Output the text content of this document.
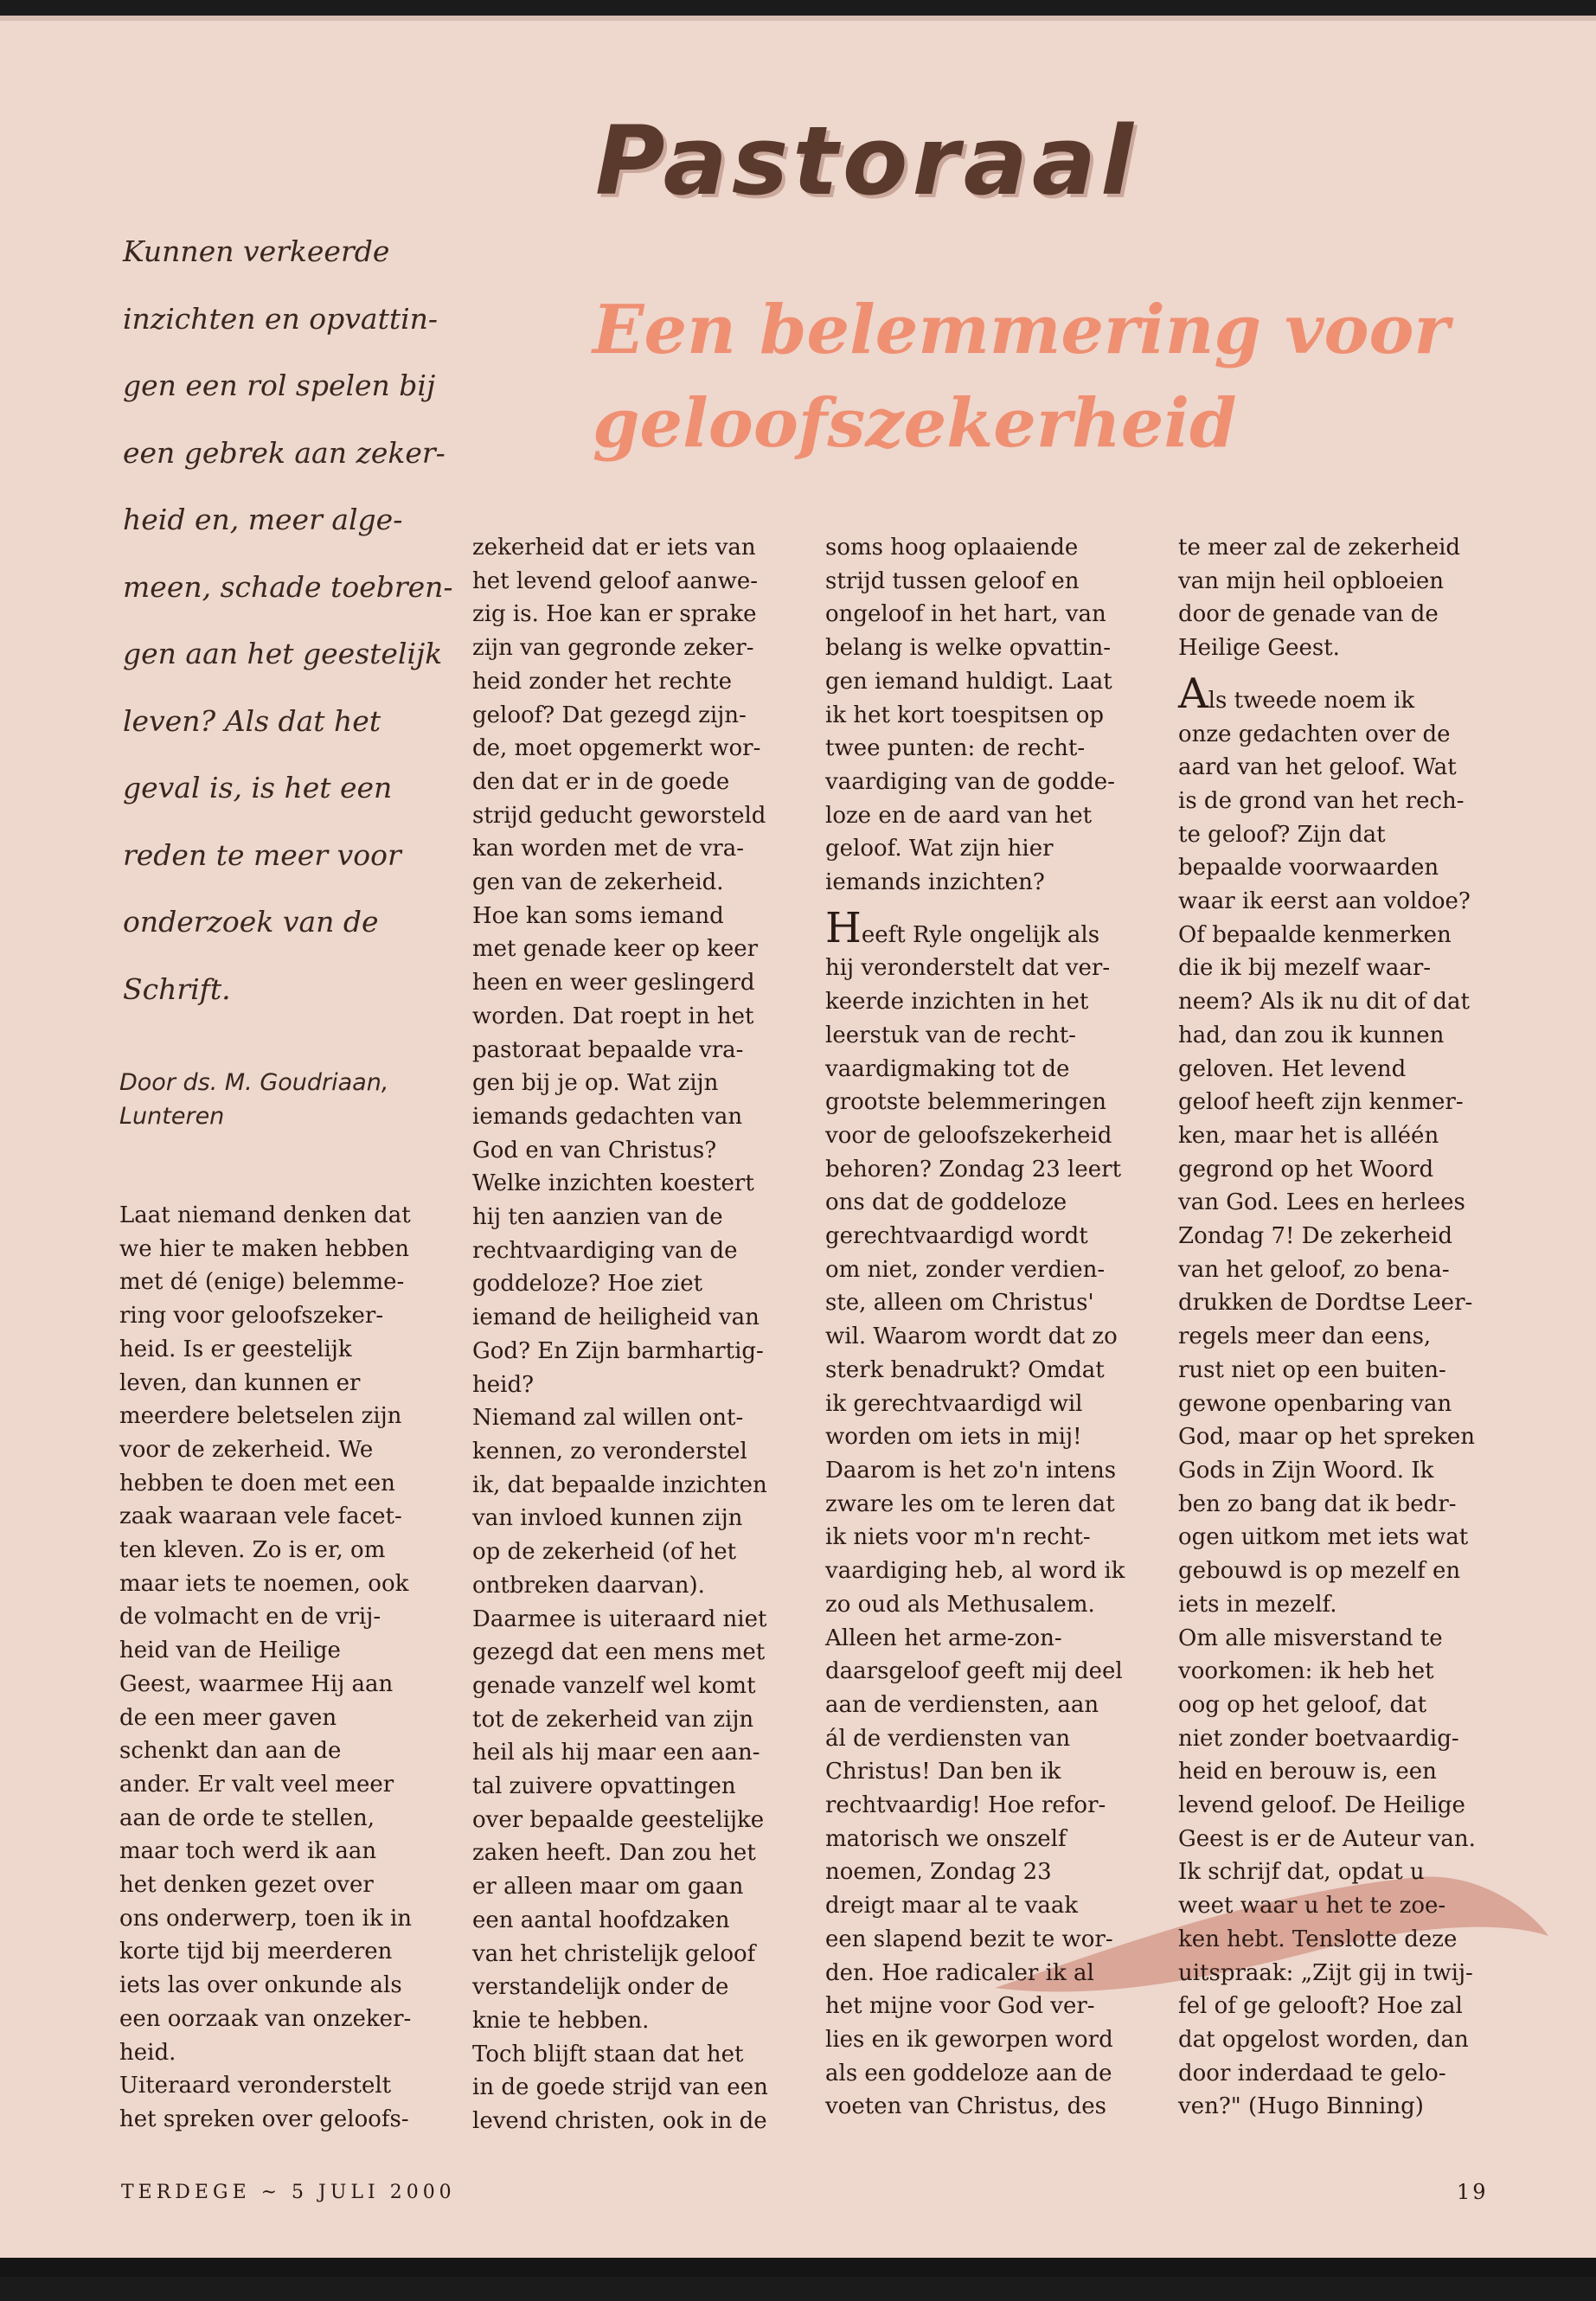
Pastoraal
Een belemmering voor
geloofszekerheid
Kunnen verkeerde
inzichten en opvattin-
gen een rol spelen bij
een gebrek aan zeker-
heid en, meer alge-
meen, schade toebren-
gen aan het geestelijk
leven? Als dat het
geval is, is het een
reden te meer voor
onderzoek van de
Schrift.
Door ds. M. Goudriaan,
Lunteren
Laat niemand denken dat
we hier te maken hebben
met dé (enige) belemme-
ring voor geloofszeker-
heid. Is er geestelijk
leven, dan kunnen er
meerdere beletselen zijn
voor de zekerheid. We
hebben te doen met een
zaak waaraan vele facet-
ten kleven. Zo is er, om
maar iets te noemen, ook
de volmacht en de vrij-
heid van de Heilige
Geest, waarmee Hij aan
de een meer gaven
schenkt dan aan de
ander. Er valt veel meer
aan de orde te stellen,
maar toch werd ik aan
het denken gezet over
ons onderwerp, toen ik in
korte tijd bij meerderen
iets las over onkunde als
een oorzaak van onzeker-
heid.
Uiteraard veronderstelt
het spreken over geloofs-
zekerheid dat er iets van
het levend geloof aanwe-
zig is. Hoe kan er sprake
zijn van gegronde zeker-
heid zonder het rechte
geloof? Dat gezegd zijn-
de, moet opgemerkt wor-
den dat er in de goede
strijd geducht geworsteld
kan worden met de vra-
gen van de zekerheid.
Hoe kan soms iemand
met genade keer op keer
heen en weer geslingerd
worden. Dat roept in het
pastoraat bepaalde vra-
gen bij je op. Wat zijn
iemands gedachten van
God en van Christus?
Welke inzichten koestert
hij ten aanzien van de
rechtvaardiging van de
goddeloze? Hoe ziet
iemand de heiligheid van
God? En Zijn barmhartig-
heid?
Niemand zal willen ont-
kennen, zo veronderstel
ik, dat bepaalde inzichten
van invloed kunnen zijn
op de zekerheid (of het
ontbreken daarvan).
Daarmee is uiteraard niet
gezegd dat een mens met
genade vanzelf wel komt
tot de zekerheid van zijn
heil als hij maar een aan-
tal zuivere opvattingen
over bepaalde geestelijke
zaken heeft. Dan zou het
er alleen maar om gaan
een aantal hoofdzaken
van het christelijk geloof
verstandelijk onder de
knie te hebben.
Toch blijft staan dat het
in de goede strijd van een
levend christen, ook in de
soms hoog oplaaiende
strijd tussen geloof en
ongeloof in het hart, van
belang is welke opvattin-
gen iemand huldigt. Laat
ik het kort toespitsen op
twee punten: de recht-
vaardiging van de godde-
loze en de aard van het
geloof. Wat zijn hier
iemands inzichten?
Heeft Ryle ongelijk als
hij veronderstelt dat ver-
keerde inzichten in het
leerstuk van de recht-
vaardigmaking tot de
grootste belemmeringen
voor de geloofszekerheid
behoren? Zondag 23 leert
ons dat de goddeloze
gerechtvaardigd wordt
om niet, zonder verdien-
ste, alleen om Christus'
wil. Waarom wordt dat zo
sterk benadrukt? Omdat
ik gerechtvaardigd wil
worden om iets in mij!
Daarom is het zo'n intens
zware les om te leren dat
ik niets voor m'n recht-
vaardiging heb, al word ik
zo oud als Methusalem.
Alleen het arme-zon-
daarsgeloof geeft mij deel
aan de verdiensten, aan
ál de verdiensten van
Christus! Dan ben ik
rechtvaardig! Hoe refor-
matorisch we onszelf
noemen, Zondag 23
dreigt maar al te vaak
een slapend bezit te wor-
den. Hoe radicaler ik al
het mijne voor God ver-
lies en ik geworpen word
als een goddeloze aan de
voeten van Christus, des
te meer zal de zekerheid
van mijn heil opbloeien
door de genade van de
Heilige Geest.
Als tweede noem ik
onze gedachten over de
aard van het geloof. Wat
is de grond van het rech-
te geloof? Zijn dat
bepaalde voorwaarden
waar ik eerst aan voldoe?
Of bepaalde kenmerken
die ik bij mezelf waar-
neem? Als ik nu dit of dat
had, dan zou ik kunnen
geloven. Het levend
geloof heeft zijn kenmer-
ken, maar het is alléén
gegrond op het Woord
van God. Lees en herlees
Zondag 7! De zekerheid
van het geloof, zo bena-
drukken de Dordtse Leer-
regels meer dan eens,
rust niet op een buiten-
gewone openbaring van
God, maar op het spreken
Gods in Zijn Woord. Ik
ben zo bang dat ik bedr-
ogen uitkom met iets wat
gebouwd is op mezelf en
iets in mezelf.
Om alle misverstand te
voorkomen: ik heb het
oog op het geloof, dat
niet zonder boetvaardig-
heid en berouw is, een
levend geloof. De Heilige
Geest is er de Auteur van.
Ik schrijf dat, opdat u
weet waar u het te zoe-
ken hebt. Tenslotte deze
uitspraak: „Zijt gij in twij-
fel of ge gelooft? Hoe zal
dat opgelost worden, dan
door inderdaad te gelo-
ven?" (Hugo Binning)
TERDEGE ~ 5 JULI 2000	19
